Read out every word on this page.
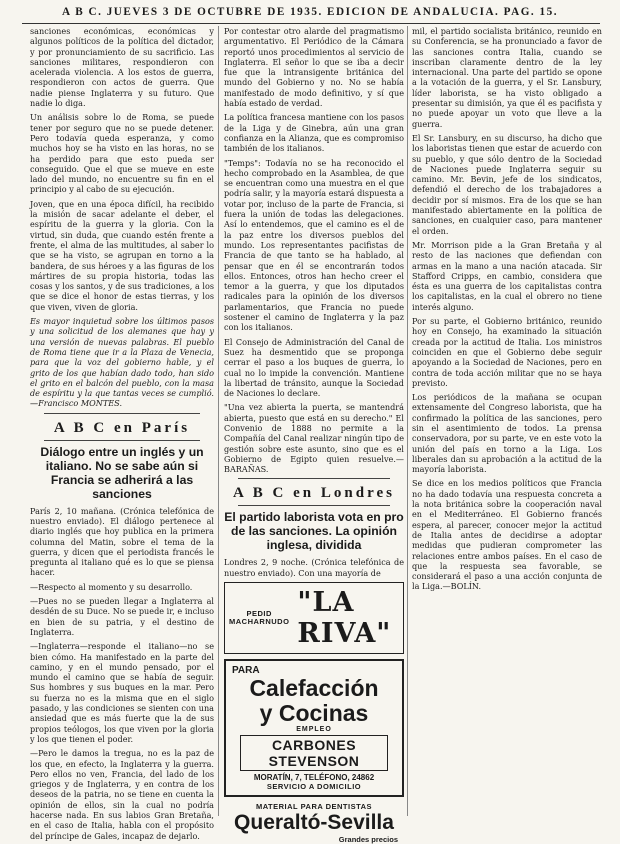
A B C. JUEVES 3 DE OCTUBRE DE 1935. EDICION DE ANDALUCIA. PAG. 15.

sanciones económicas, económicas y algunos políticos de la política del dictador, y por pronunciamiento de su sacrificio. Las sanciones militares, respondieron con acelerada violencia. A los estos de guerra, respondieron con actos de guerra. Que nadie piense Inglaterra y su futuro. Que nadie lo diga.

Un análisis sobre lo de Roma, se puede tener por seguro que no se puede detener. Pero todavía queda esperanza, y como muchos hoy se ha visto en las horas, no se ha perdido para que esto pueda ser conseguido. Que el que se mueve en este lado del mundo, no encuentre su fin en el principio y al cabo de su ejecución.

Joven, que en una época difícil, ha recibido la misión de sacar adelante el deber, el espíritu de la guerra y la gloria. Con la virtud, sin duda, que cuando estén frente a frente, el alma de las multitudes, al saber lo que se ha visto, se agrupan en torno a la bandera, de sus héroes y a las figuras de los mártires de su propia historia, todas las cosas y los santos, y de sus tradiciones, a los que se dice el honor de estas tierras, y los que viven, viven de gloria.

Es mayor inquietud sobre los últimos pasos y una solicitud de los alemanes que hay y una versión de nuevas palabras. El pueblo de Roma tiene que ir a la Plaza de Venecia, para que la voz del gobierno hable, y el grito de los que habían dado todo, han sido el grito en el balcón del pueblo, con la masa de espíritu y la que tantas veces se cumplió.—Francisco MONTES.

A B C en París
Diálogo entre un inglés y un italiano. No se sabe aún si Francia se adherirá a las sanciones

París 2, 10 mañana. (Crónica telefónica de nuestro enviado). El diálogo pertenece al diario inglés que hoy publica en la primera columna del Matin, sobre el tema de la guerra, y dicen que el periodista francés le pregunta al italiano qué es lo que se piensa hacer.

—Respecto al momento y su desarrollo.

—Pues no se pueden llegar a Inglaterra al desdén de su Duce. No se puede ir, e incluso en bien de su patria, y el destino de Inglaterra.

—Inglaterra—responde el italiano—no se bien cómo. Ha manifestado en la parte del camino, y en el mundo pensado, por el mundo el camino que se había de seguir. Sus hombres y sus buques en la mar. Pero su fuerza no es la misma que en el siglo pasado, y las condiciones se sienten con una ansiedad que es más fuerte que la de sus propios teólogos, los que viven por la gloria y los que tienen el poder.

—Pero le damos la tregua, no es la paz de los que, en efecto, la Inglaterra y la guerra. Pero ellos no ven, Francia, del lado de los griegos y de Inglaterra, y en contra de los deseos de la patria, no se tiene en cuenta la opinión de ellos, sin la cual no podría hacerse nada. En sus labios Gran Bretaña, en el caso de Italia, habla con el propósito del príncipe de Gales, incapaz de dejarlo.

Por contestar otro alarde del pragmatismo argumentativo. El Periódico de la Cámara reportó unos procedimientos al servicio de Inglaterra. El señor lo que se iba a decir fue que la intransigente británica del mundo del Gobierno y no. No se había manifestado de modo definitivo, y sí que había estado de verdad.

La política francesa mantiene con los pasos de la Liga y de Ginebra, aún una gran confianza en la Alianza, que es compromiso también de los italianos.

"Temps": Todavía no se ha reconocido el hecho comprobado en la Asamblea, de que se encuentran como una muestra en el que podría salir, y la mayoría estará dispuesta a votar por, incluso de la parte de Francia, si fuera la unión de todas las delegaciones. Así lo entendemos, que el camino es el de la paz entre los diversos pueblos del mundo. Los representantes pacifistas de Francia de que tanto se ha hablado, al pensar que en él se encontrarán todos ellos. Entonces, otros han hecho creer el temor a la guerra, y que los diputados radicales para la opinión de los diversos parlamentarios, que Francia no puede sostener el camino de Inglaterra y la paz con los italianos.

El Consejo de Administración del Canal de Suez ha desmentido que se proponga cerrar el paso a los buques de guerra, lo cual no lo impide la convención. Mantiene la libertad de tránsito, aunque la Sociedad de Naciones lo declare.

"Una vez abierta la puerta, se mantendrá abierta, puesto que está en su derecho." El Convenio de 1888 no permite a la Compañía del Canal realizar ningún tipo de gestión sobre este asunto, sino que es el Gobierno de Egipto quien resuelve.—BARAÑAS.

A B C en Londres
El partido laborista vota en pro de las sanciones. La opinión inglesa, dividida

Londres 2, 9 noche. (Crónica telefónica de nuestro enviado). Con una mayoría de

PEDID
MACHARNUDO
"LA RIVA"
PARA
Calefacción
y Cocinas
EMPLEO
CARBONES STEVENSON
MORATÍN, 7, TELÉFONO, 24862
SERVICIO A DOMICILIO
MATERIAL PARA DENTISTAS
Queraltó-Sevilla
Grandes precios

mil, el partido socialista británico, reunido en su Conferencia, se ha pronunciado a favor de las sanciones contra Italia, cuando se inscriban claramente dentro de la ley internacional. Una parte del partido se opone a la votación de la guerra, y el Sr. Lansbury, líder laborista, se ha visto obligado a presentar su dimisión, ya que él es pacifista y no puede apoyar un voto que lleve a la guerra.

El Sr. Lansbury, en su discurso, ha dicho que los laboristas tienen que estar de acuerdo con su pueblo, y que sólo dentro de la Sociedad de Naciones puede Inglaterra seguir su camino. Mr. Bevin, jefe de los sindicatos, defendió el derecho de los trabajadores a decidir por sí mismos. Era de los que se han manifestado abiertamente en la política de sanciones, en cualquier caso, para mantener el orden.

Mr. Morrison pide a la Gran Bretaña y al resto de las naciones que defiendan con armas en la mano a una nación atacada. Sir Stafford Cripps, en cambio, considera que ésta es una guerra de los capitalistas contra los capitalistas, en la cual el obrero no tiene interés alguno.

Por su parte, el Gobierno británico, reunido hoy en Consejo, ha examinado la situación creada por la actitud de Italia. Los ministros coinciden en que el Gobierno debe seguir apoyando a la Sociedad de Naciones, pero en contra de toda acción militar que no se haya previsto.

Los periódicos de la mañana se ocupan extensamente del Congreso laborista, que ha confirmado la política de las sanciones, pero sin el asentimiento de todos. La prensa conservadora, por su parte, ve en este voto la unión del país en torno a la Liga. Los liberales dan su aprobación a la actitud de la mayoría laborista.

Se dice en los medios políticos que Francia no ha dado todavía una respuesta concreta a la nota británica sobre la cooperación naval en el Mediterráneo. El Gobierno francés espera, al parecer, conocer mejor la actitud de Italia antes de decidirse a adoptar medidas que pudieran comprometer las relaciones entre ambos países. En el caso de que la respuesta sea favorable, se considerará el paso a una acción conjunta de la Liga.—BOLÍN.
